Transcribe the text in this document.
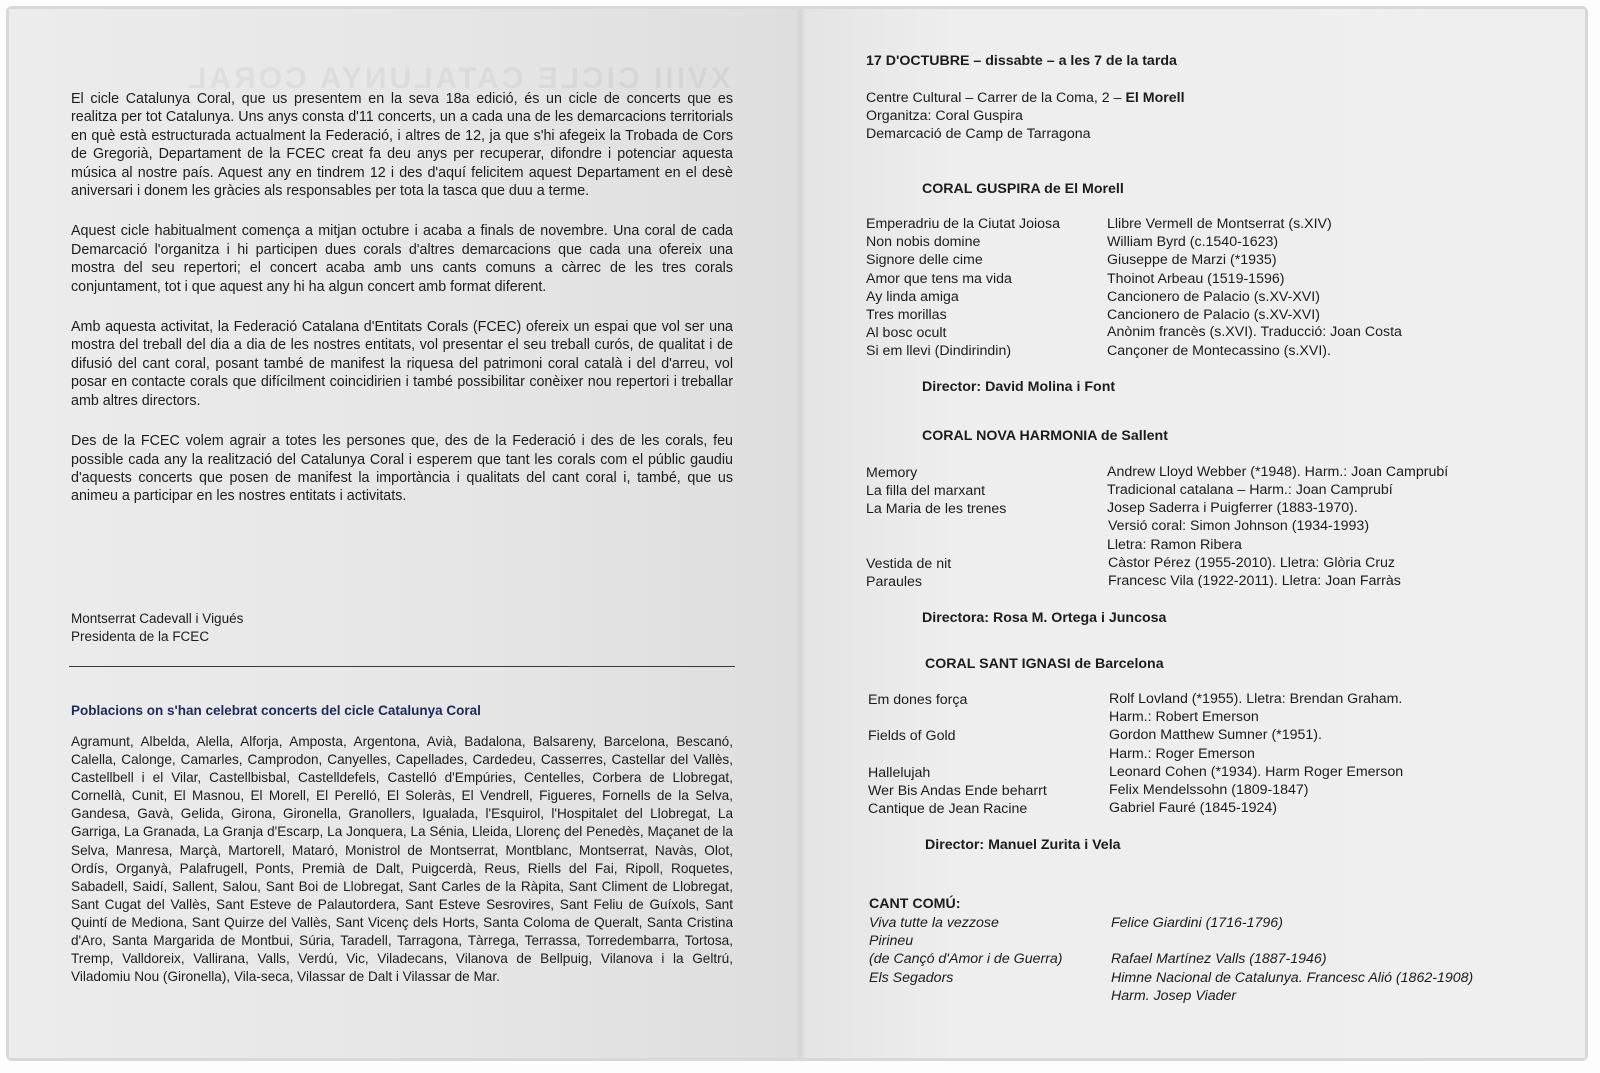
El cicle Catalunya Coral, que us presentem en la seva 18a edició, és un cicle de concerts que es realitza per tot Catalunya. Uns anys consta d'11 concerts, un a cada una de les demarcacions territorials en què està estructurada actualment la Federació, i altres de 12, ja que s'hi afegeix la Trobada de Cors de Gregorià, Departament de la FCEC creat fa deu anys per recuperar, difondre i potenciar aquesta música al nostre país. Aquest any en tindrem 12 i des d'aquí felicitem aquest Departament en el desè aniversari i donem les gràcies als responsables per tota la tasca que duu a terme.

Aquest cicle habitualment comença a mitjan octubre i acaba a finals de novembre. Una coral de cada Demarcació l'organitza i hi participen dues corals d'altres demarcacions que cada una ofereix una mostra del seu repertori; el concert acaba amb uns cants comuns a càrrec de les tres corals conjuntament, tot i que aquest any hi ha algun concert amb format diferent.

Amb aquesta activitat, la Federació Catalana d'Entitats Corals (FCEC) ofereix un espai que vol ser una mostra del treball del dia a dia de les nostres entitats, vol presentar el seu treball curós, de qualitat i de difusió del cant coral, posant també de manifest la riquesa del patrimoni coral català i del d'arreu, vol posar en contacte corals que difícilment coincidirien i també possibilitar conèixer nou repertori i treballar amb altres directors.

Des de la FCEC volem agrair a totes les persones que, des de la Federació i des de les corals, feu possible cada any la realització del Catalunya Coral i esperem que tant les corals com el públic gaudiu d'aquests concerts que posen de manifest la importància i qualitats del cant coral i, també, que us animeu a participar en les nostres entitats i activitats.

Montserrat Cadevall i Vigués
Presidenta de la FCEC
Poblacions on s'han celebrat concerts del cicle Catalunya Coral
Agramunt, Albelda, Alella, Alforja, Amposta, Argentona, Avià, Badalona, Balsareny, Barcelona, Bescanó, Calella, Calonge, Camarles, Camprodon, Canyelles, Capellades, Cardedeu, Casserres, Castellar del Vallès, Castellbell i el Vilar, Castellbisbal, Castelldefels, Castelló d'Empúries, Centelles, Corbera de Llobregat, Cornellà, Cunit, El Masnou, El Morell, El Perelló, El Soleràs, El Vendrell, Figueres, Fornells de la Selva, Gandesa, Gavà, Gelida, Girona, Gironella, Granollers, Igualada, l'Esquirol, l'Hospitalet del Llobregat, La Garriga, La Granada, La Granja d'Escarp, La Jonquera, La Sénia, Lleida, Llorenç del Penedès, Maçanet de la Selva, Manresa, Marçà, Martorell, Mataró, Monistrol de Montserrat, Montblanc, Montserrat, Navàs, Olot, Ordís, Organyà, Palafrugell, Ponts, Premià de Dalt, Puigcerdà, Reus, Riells del Fai, Ripoll, Roquetes, Sabadell, Saidí, Sallent, Salou, Sant Boi de Llobregat, Sant Carles de la Ràpita, Sant Climent de Llobregat, Sant Cugat del Vallès, Sant Esteve de Palautordera, Sant Esteve Sesrovires, Sant Feliu de Guíxols, Sant Quintí de Mediona, Sant Quirze del Vallès, Sant Vicenç dels Horts, Santa Coloma de Queralt, Santa Cristina d'Aro, Santa Margarida de Montbui, Súria, Taradell, Tarragona, Tàrrega, Terrassa, Torredembarra, Tortosa, Tremp, Valldoreix, Vallirana, Valls, Verdú, Vic, Viladecans, Vilanova de Bellpuig, Vilanova i la Geltrú, Viladomiu Nou (Gironella), Vila-seca, Vilassar de Dalt i Vilassar de Mar.
17 D'OCTUBRE – dissabte – a les 7 de la tarda
Centre Cultural – Carrer de la Coma, 2 – El Morell
Organitza: Coral Guspira
Demarcació de Camp de Tarragona
CORAL GUSPIRA de El Morell
Emperadriu de la Ciutat Joiosa	Llibre Vermell de Montserrat (s.XIV)
Non nobis domine	William Byrd (c.1540-1623)
Signore delle cime	Giuseppe de Marzi (*1935)
Amor que tens ma vida	Thoinot Arbeau (1519-1596)
Ay linda amiga	Cancionero de Palacio (s.XV-XVI)
Tres morillas	Cancionero de Palacio (s.XV-XVI)
Al bosc ocult	Anònim francès (s.XVI). Traducció: Joan Costa
Si em llevi (Dindirindin)	Cançoner de Montecassino (s.XVI).
Director: David Molina i Font
CORAL NOVA HARMONIA de Sallent
Memory	Andrew Lloyd Webber (*1948). Harm.: Joan Camprubí
La filla del marxant	Tradicional catalana – Harm.: Joan Camprubí
La Maria de les trenes	Josep Saderra i Puigferrer (1883-1970).
Versió coral: Simon Johnson (1934-1993)
Lletra: Ramon Ribera
Vestida de nit	Càstor Pérez (1955-2010). Lletra: Glòria Cruz
Paraules	Francesc Vila (1922-2011). Lletra: Joan Farràs
Directora: Rosa M. Ortega i Juncosa
CORAL SANT IGNASI de Barcelona
Em dones força	Rolf Lovland (*1955). Lletra: Brendan Graham.
Harm.: Robert Emerson
Fields of Gold	Gordon Matthew Sumner (*1951).
Harm.: Roger Emerson
Hallelujah	Leonard Cohen (*1934). Harm Roger Emerson
Wer Bis Andas Ende beharrt	Felix Mendelssohn (1809-1847)
Cantique de Jean Racine	Gabriel Fauré (1845-1924)
Director: Manuel Zurita i Vela
CANT COMÚ:
Viva tutte la vezzose	Felice Giardini (1716-1796)
Pirineu
(de Cançó d'Amor i de Guerra)	Rafael Martínez Valls (1887-1946)
Els Segadors	Himne Nacional de Catalunya. Francesc Alió (1862-1908)
Harm. Josep Viader
